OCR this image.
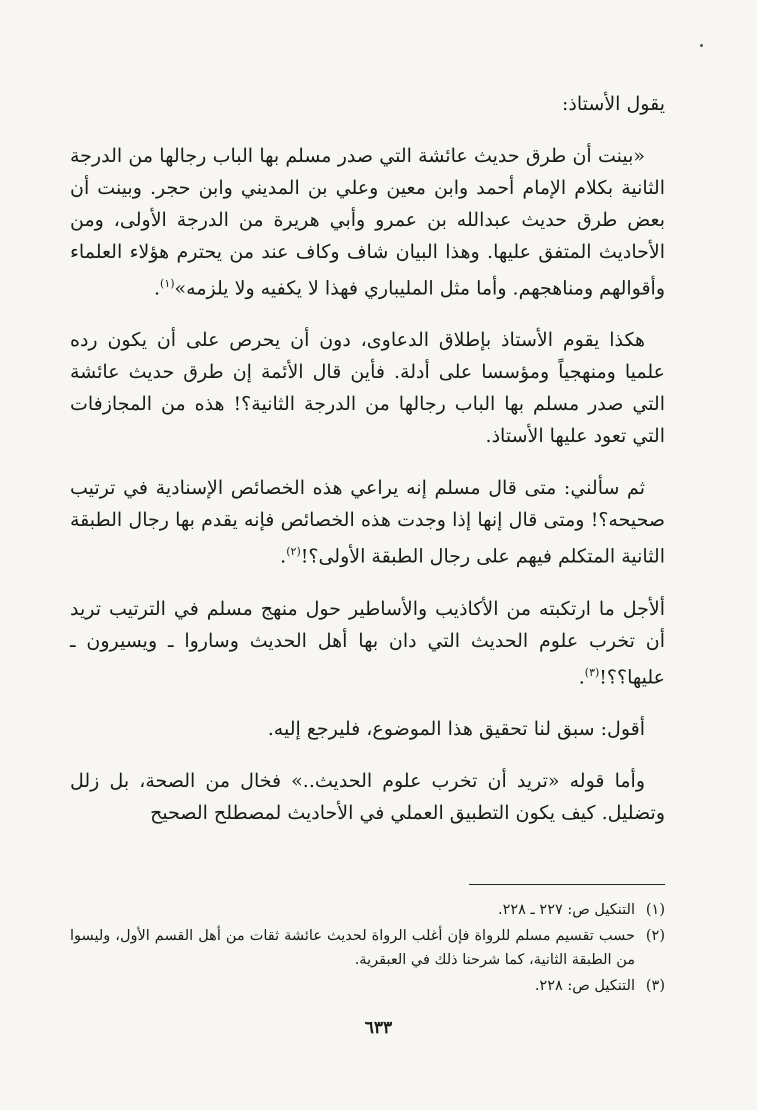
يقول الأستاذ:

«بينت أن طرق حديث عائشة التي صدر مسلم بها الباب رجالها من الدرجة الثانية بكلام الإمام أحمد وابن معين وعلي بن المديني وابن حجر. وبينت أن بعض طرق حديث عبدالله بن عمرو وأبي هريرة من الدرجة الأولى، ومن الأحاديث المتفق عليها. وهذا البيان شاف وكاف عند من يحترم هؤلاء العلماء وأقوالهم ومناهجهم. وأما مثل المليباري فهذا لا يكفيه ولا يلزمه»$^{(١)}$.

هكذا يقوم الأستاذ بإطلاق الدعاوى، دون أن يحرص على أن يكون رده علميا ومنهجياً ومؤسسا على أدلة. فأين قال الأئمة إن طرق حديث عائشة التي صدر مسلم بها الباب رجالها من الدرجة الثانية؟! هذه من المجازفات التي تعود عليها الأستاذ.

ثم سألني: متى قال مسلم إنه يراعي هذه الخصائص الإسنادية في ترتيب صحيحه؟! ومتى قال إنها إذا وجدت هذه الخصائص فإنه يقدم بها رجال الطبقة الثانية المتكلم فيهم على رجال الطبقة الأولى؟!$^{(٢)}$.

ألأجل ما ارتكبته من الأكاذيب والأساطير حول منهج مسلم في الترتيب تريد أن تخرب علوم الحديث التي دان بها أهل الحديث وساروا ـ ويسيرون ـ عليها؟؟!$^{(٣)}$.

أقول: سبق لنا تحقيق هذا الموضوع، فليرجع إليه.

وأما قوله «تريد أن تخرب علوم الحديث..» فخال من الصحة، بل زلل وتضليل. كيف يكون التطبيق العملي في الأحاديث لمصطلح الصحيح

(١)
التنكيل ص: ٢٢٧ ـ ٢٢٨.
(٢)
حسب تقسيم مسلم للرواة فإن أغلب الرواة لحديث عائشة ثقات من أهل القسم الأول، وليسوا من الطبقة الثانية، كما شرحنا ذلك في العبقرية.
(٣)
التنكيل ص: ٢٢٨.
٦٣٣
